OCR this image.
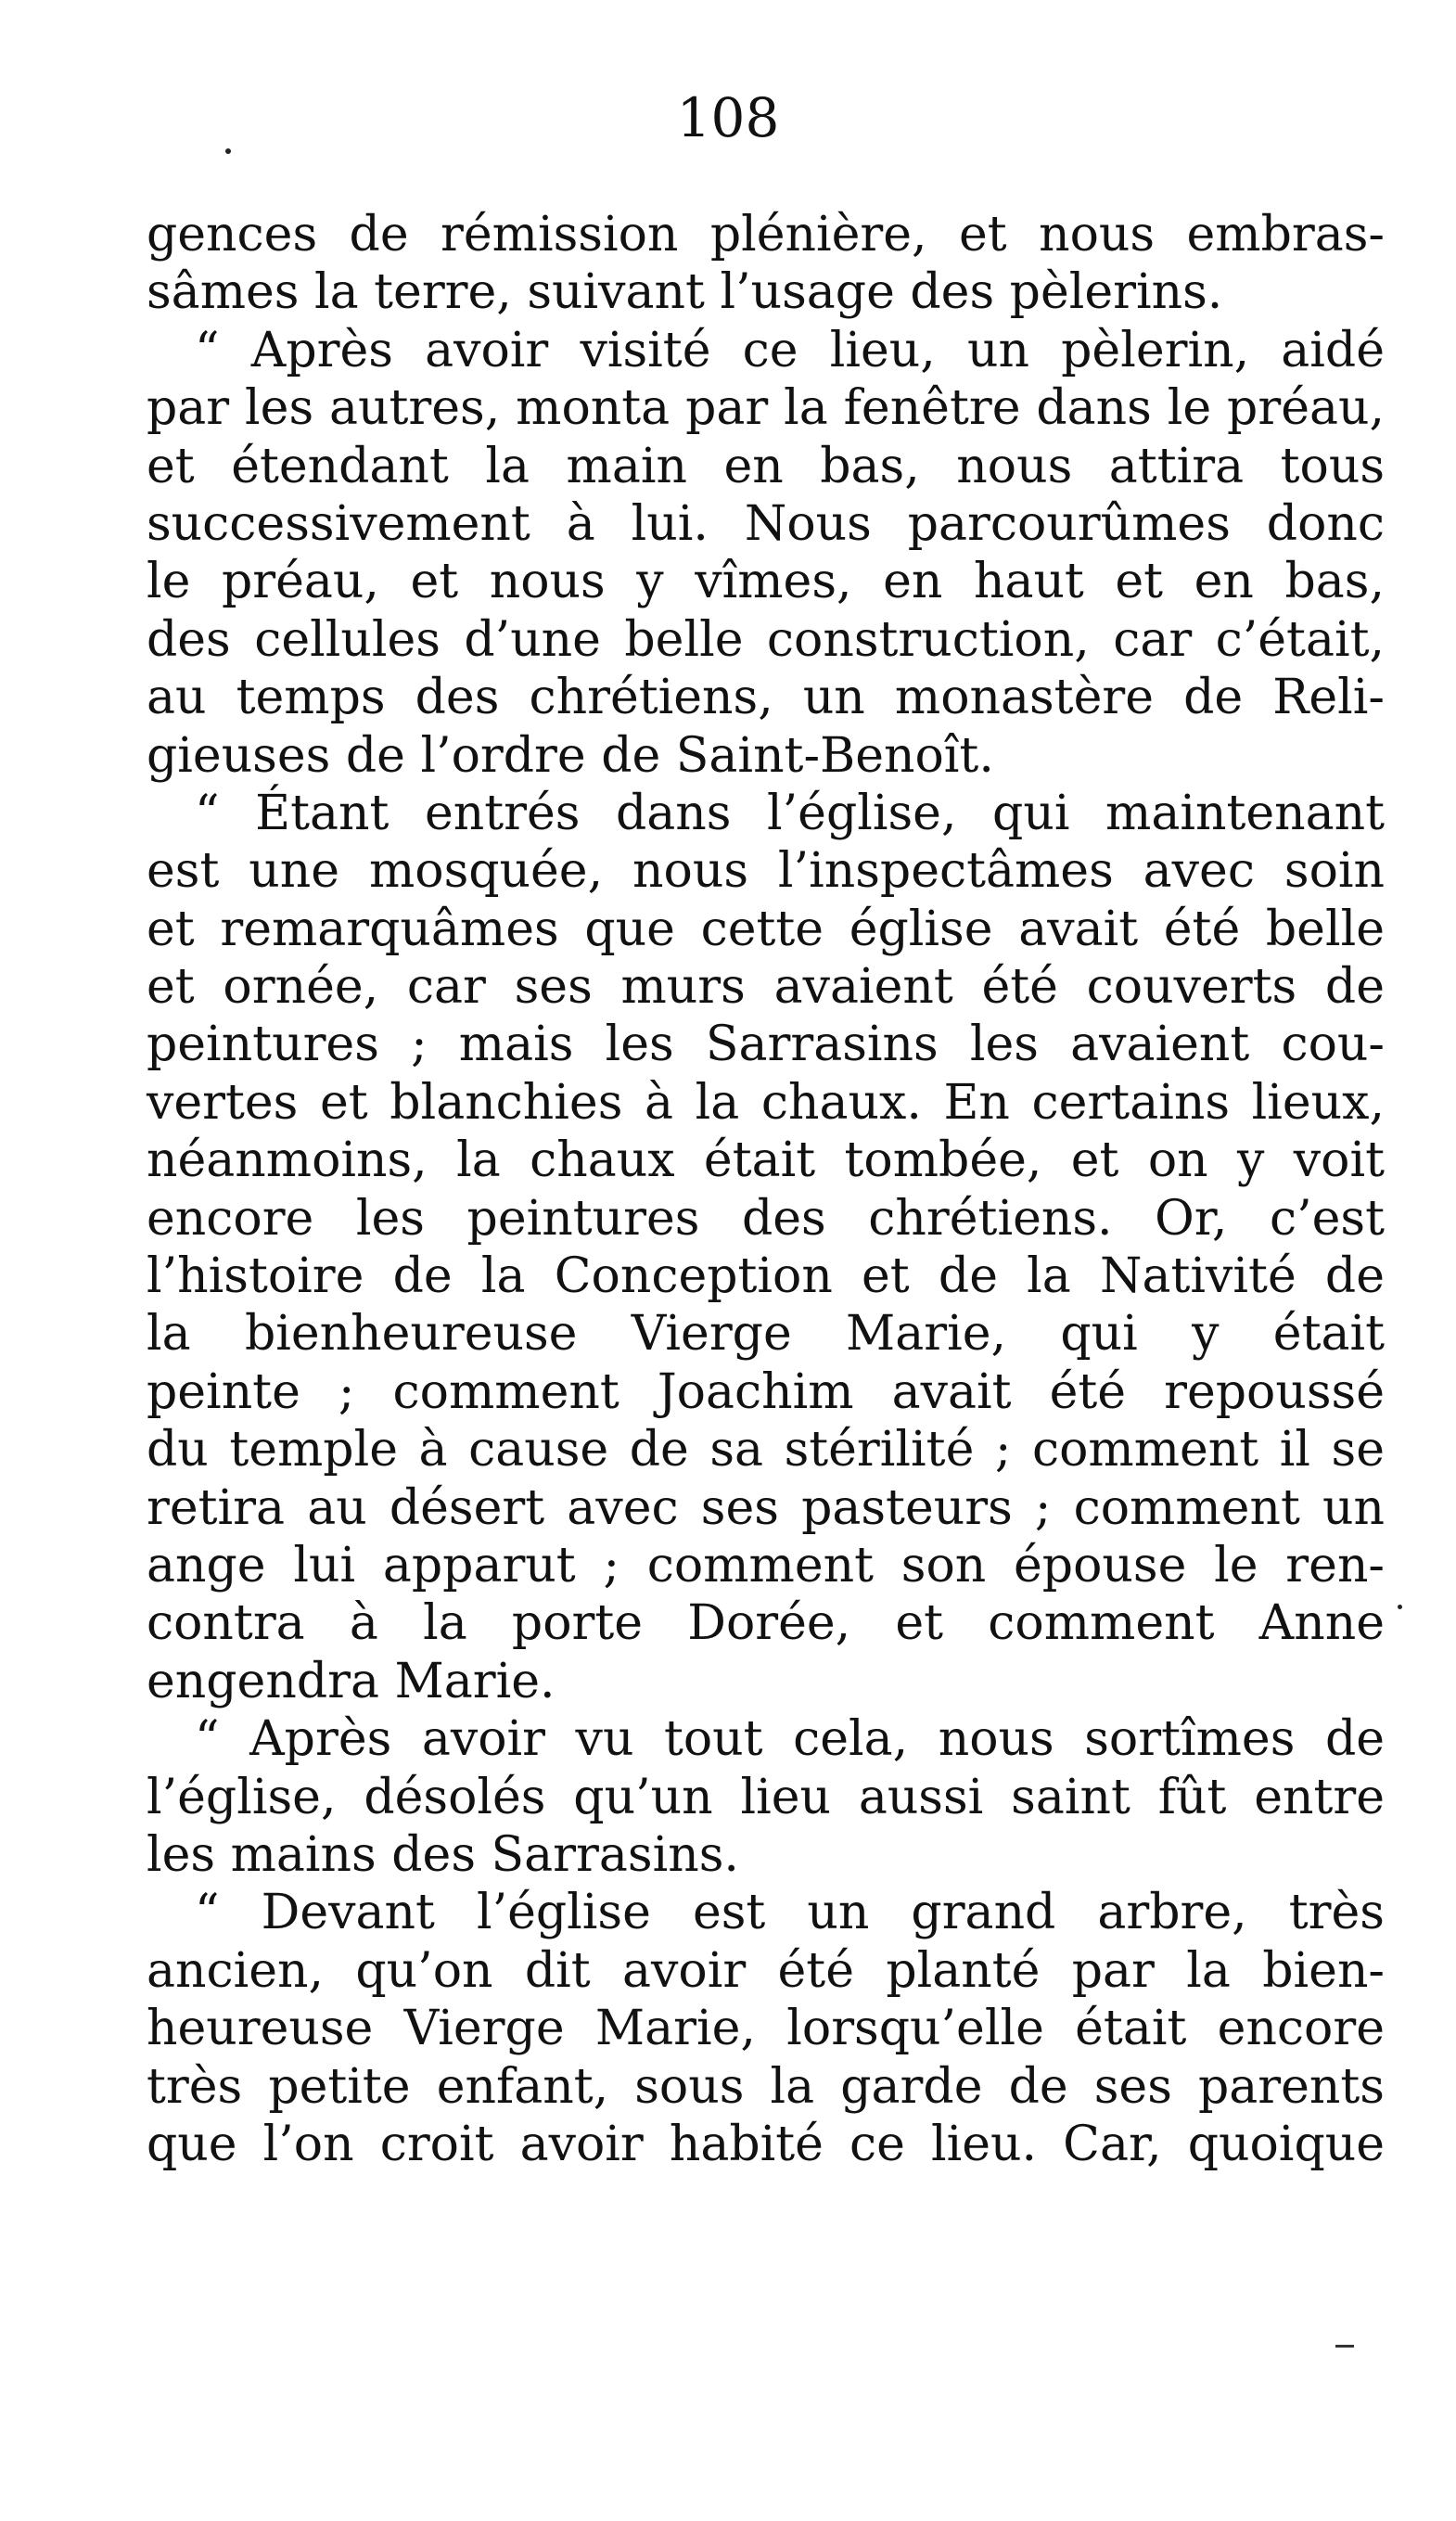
108
gences de rémission plénière, et nous embras-
sâmes la terre, suivant l’usage des pèlerins.
“ Après avoir visité ce lieu, un pèlerin, aidé
par les autres, monta par la fenêtre dans le préau,
et étendant la main en bas, nous attira tous
successivement à lui. Nous parcourûmes donc
le préau, et nous y vîmes, en haut et en bas,
des cellules d’une belle construction, car c’était,
au temps des chrétiens, un monastère de Reli-
gieuses de l’ordre de Saint-Benoît.
“ Étant entrés dans l’église, qui maintenant
est une mosquée, nous l’inspectâmes avec soin
et remarquâmes que cette église avait été belle
et ornée, car ses murs avaient été couverts de
peintures ; mais les Sarrasins les avaient cou-
vertes et blanchies à la chaux. En certains lieux,
néanmoins, la chaux était tombée, et on y voit
encore les peintures des chrétiens. Or, c’est
l’histoire de la Conception et de la Nativité de
la bienheureuse Vierge Marie, qui y était
peinte ; comment Joachim avait été repoussé
du temple à cause de sa stérilité ; comment il se
retira au désert avec ses pasteurs ; comment un
ange lui apparut ; comment son épouse le ren-
contra à la porte Dorée, et comment Anne
engendra Marie.
“ Après avoir vu tout cela, nous sortîmes de
l’église, désolés qu’un lieu aussi saint fût entre
les mains des Sarrasins.
“ Devant l’église est un grand arbre, très
ancien, qu’on dit avoir été planté par la bien-
heureuse Vierge Marie, lorsqu’elle était encore
très petite enfant, sous la garde de ses parents
que l’on croit avoir habité ce lieu. Car, quoique
